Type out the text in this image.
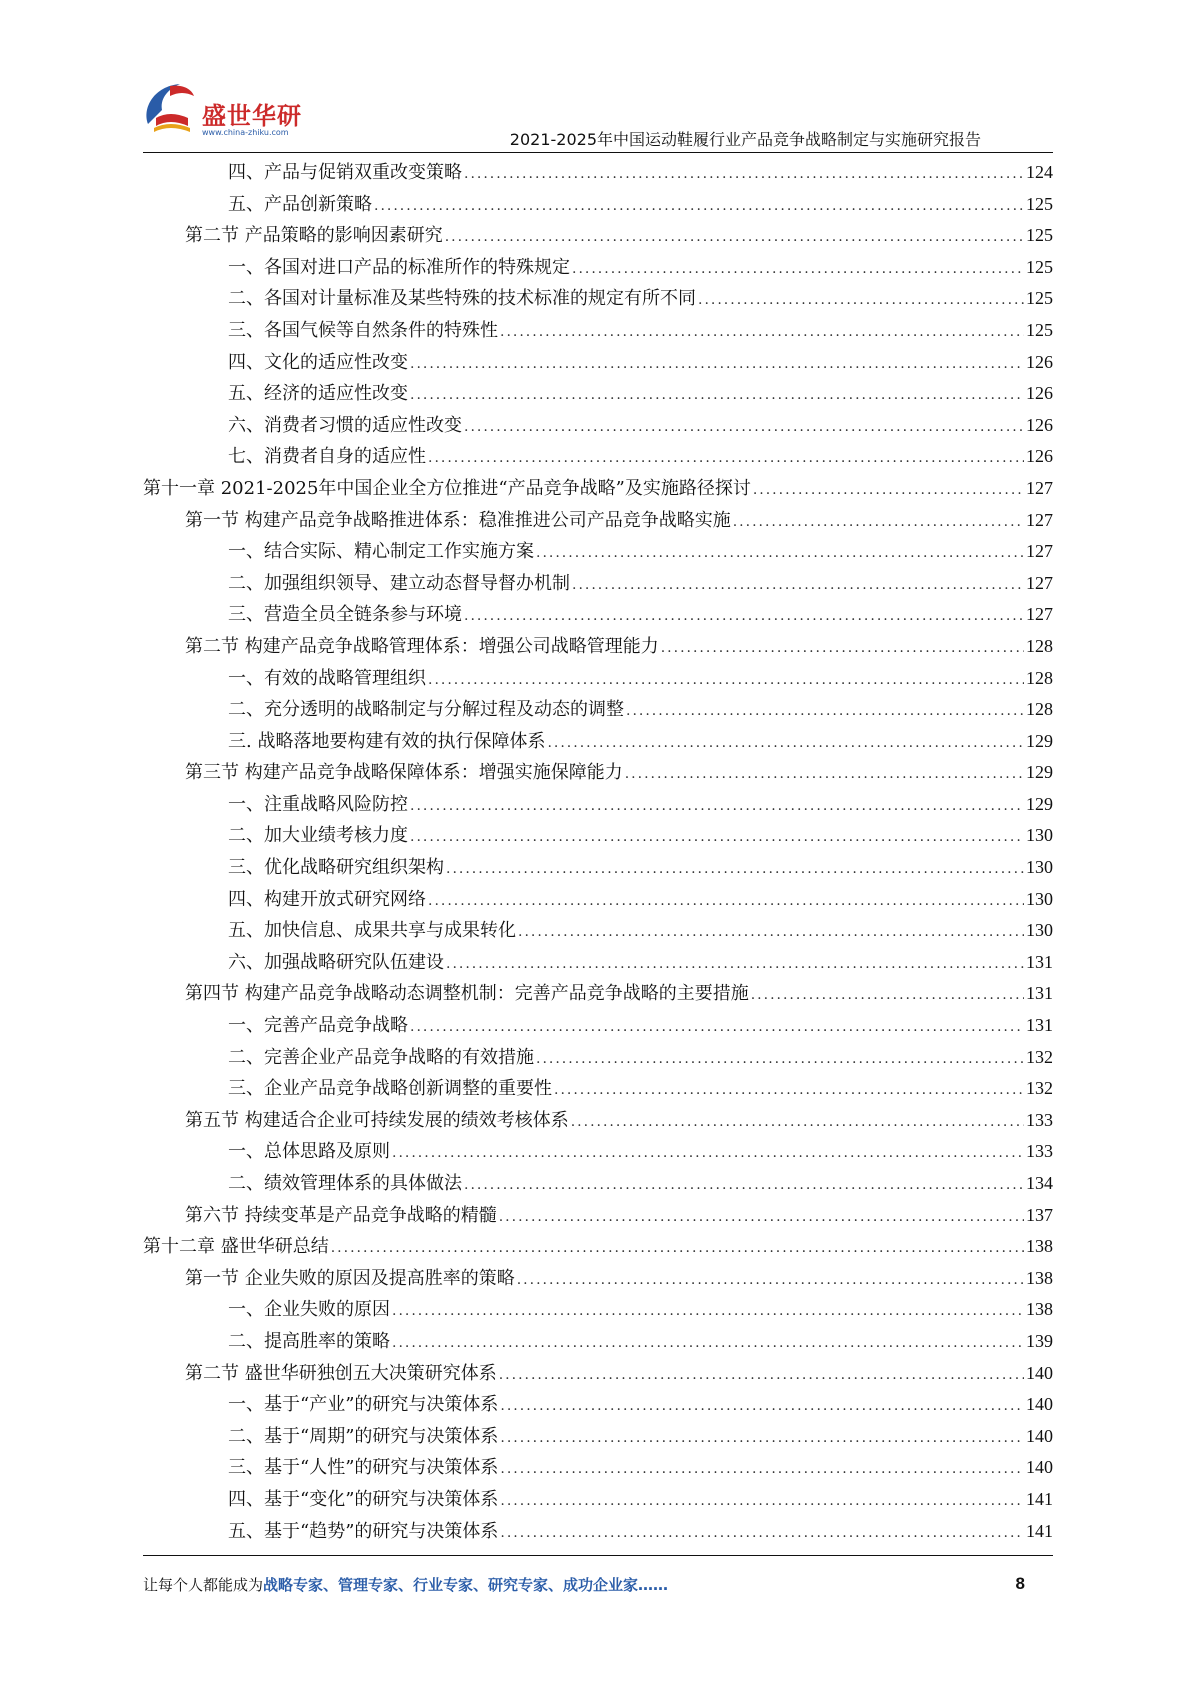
盛世华研
www.china-zhiku.com	2021-2025年中国运动鞋履行业产品竞争战略制定与实施研究报告
四、产品与促销双重改变策略 .....	124
五、产品创新策略 .....	125
第二节 产品策略的影响因素研究 .....	125
一、各国对进口产品的标准所作的特殊规定 .....	125
二、各国对计量标准及某些特殊的技术标准的规定有所不同 .....	125
三、各国气候等自然条件的特殊性 .....	125
四、文化的适应性改变 .....	126
五、经济的适应性改变 .....	126
六、消费者习惯的适应性改变 .....	126
七、消费者自身的适应性 .....	126
第十一章 2021-2025年中国企业全方位推进“产品竞争战略”及实施路径探讨 .....	127
第一节 构建产品竞争战略推进体系：稳准推进公司产品竞争战略实施 .....	127
一、结合实际、精心制定工作实施方案 .....	127
二、加强组织领导、建立动态督导督办机制 .....	127
三、营造全员全链条参与环境 .....	127
第二节 构建产品竞争战略管理体系：增强公司战略管理能力 .....	128
一、有效的战略管理组织 .....	128
二、充分透明的战略制定与分解过程及动态的调整 .....	128
三. 战略落地要构建有效的执行保障体系 .....	129
第三节 构建产品竞争战略保障体系：增强实施保障能力 .....	129
一、注重战略风险防控 .....	129
二、加大业绩考核力度 .....	130
三、优化战略研究组织架构 .....	130
四、构建开放式研究网络 .....	130
五、加快信息、成果共享与成果转化 .....	130
六、加强战略研究队伍建设 .....	131
第四节 构建产品竞争战略动态调整机制：完善产品竞争战略的主要措施 .....	131
一、完善产品竞争战略 .....	131
二、完善企业产品竞争战略的有效措施 .....	132
三、企业产品竞争战略创新调整的重要性 .....	132
第五节 构建适合企业可持续发展的绩效考核体系 .....	133
一、总体思路及原则 .....	133
二、绩效管理体系的具体做法 .....	134
第六节 持续变革是产品竞争战略的精髓 .....	137
第十二章 盛世华研总结 .....	138
第一节 企业失败的原因及提高胜率的策略 .....	138
一、企业失败的原因 .....	138
二、提高胜率的策略 .....	139
第二节 盛世华研独创五大决策研究体系 .....	140
一、基于“产业”的研究与决策体系 .....	140
二、基于“周期”的研究与决策体系 .....	140
三、基于“人性”的研究与决策体系 .....	140
四、基于“变化”的研究与决策体系 .....	141
五、基于“趋势”的研究与决策体系 .....	141
让每个人都能成为战略专家、管理专家、行业专家、研究专家、成功企业家……	8
